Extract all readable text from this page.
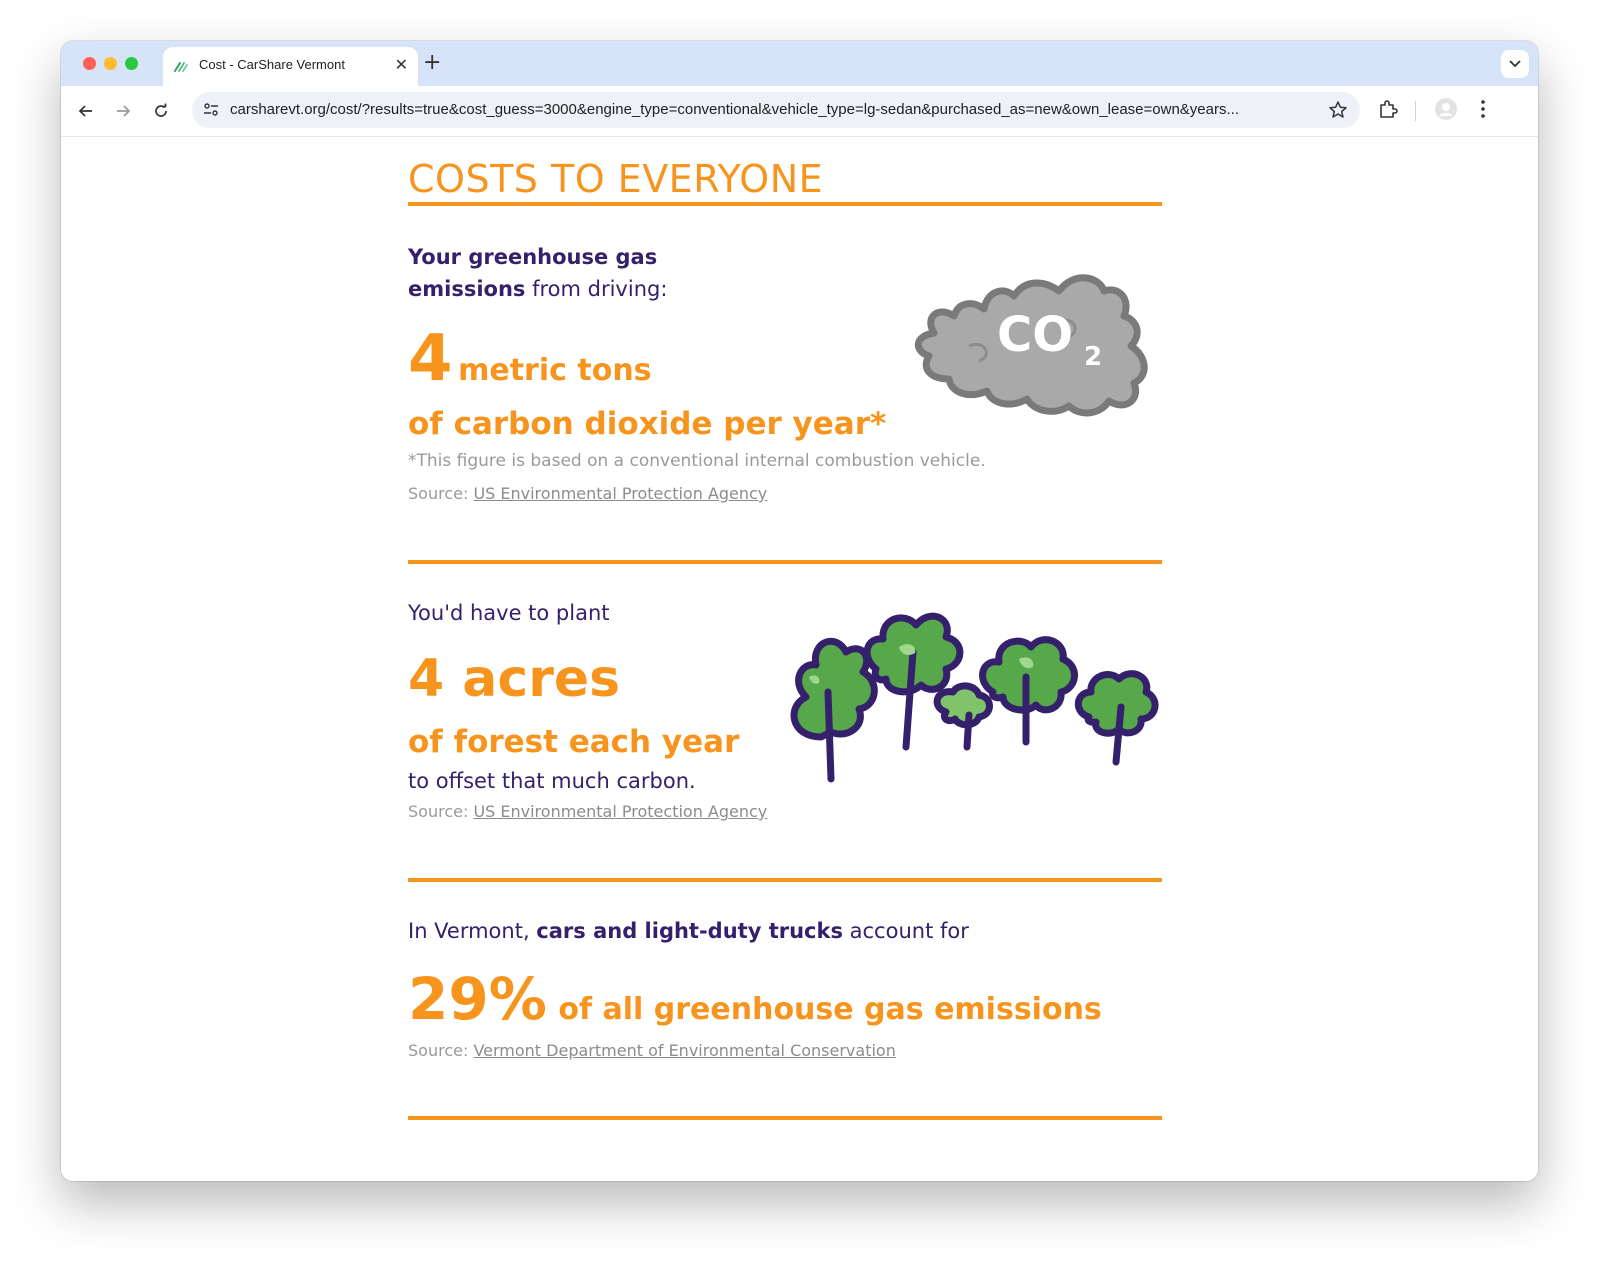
Cost - CarShare Vermont	✕ +
carsharevt.org/cost/?results=true&cost_guess=3000&engine_type=conventional&vehicle_type=lg-sedan&purchased_as=new&own_lease=own&years...
COSTS TO EVERYONE
Your greenhouse gas emissions from driving:
4 metric tons
of carbon dioxide per year*
*This figure is based on a conventional internal combustion vehicle.
Source: US Environmental Protection Agency
CO 2
You'd have to plant
4 acres
of forest each year
to offset that much carbon.
Source: US Environmental Protection Agency
In Vermont, cars and light-duty trucks account for
29% of all greenhouse gas emissions
Source: Vermont Department of Environmental Conservation
